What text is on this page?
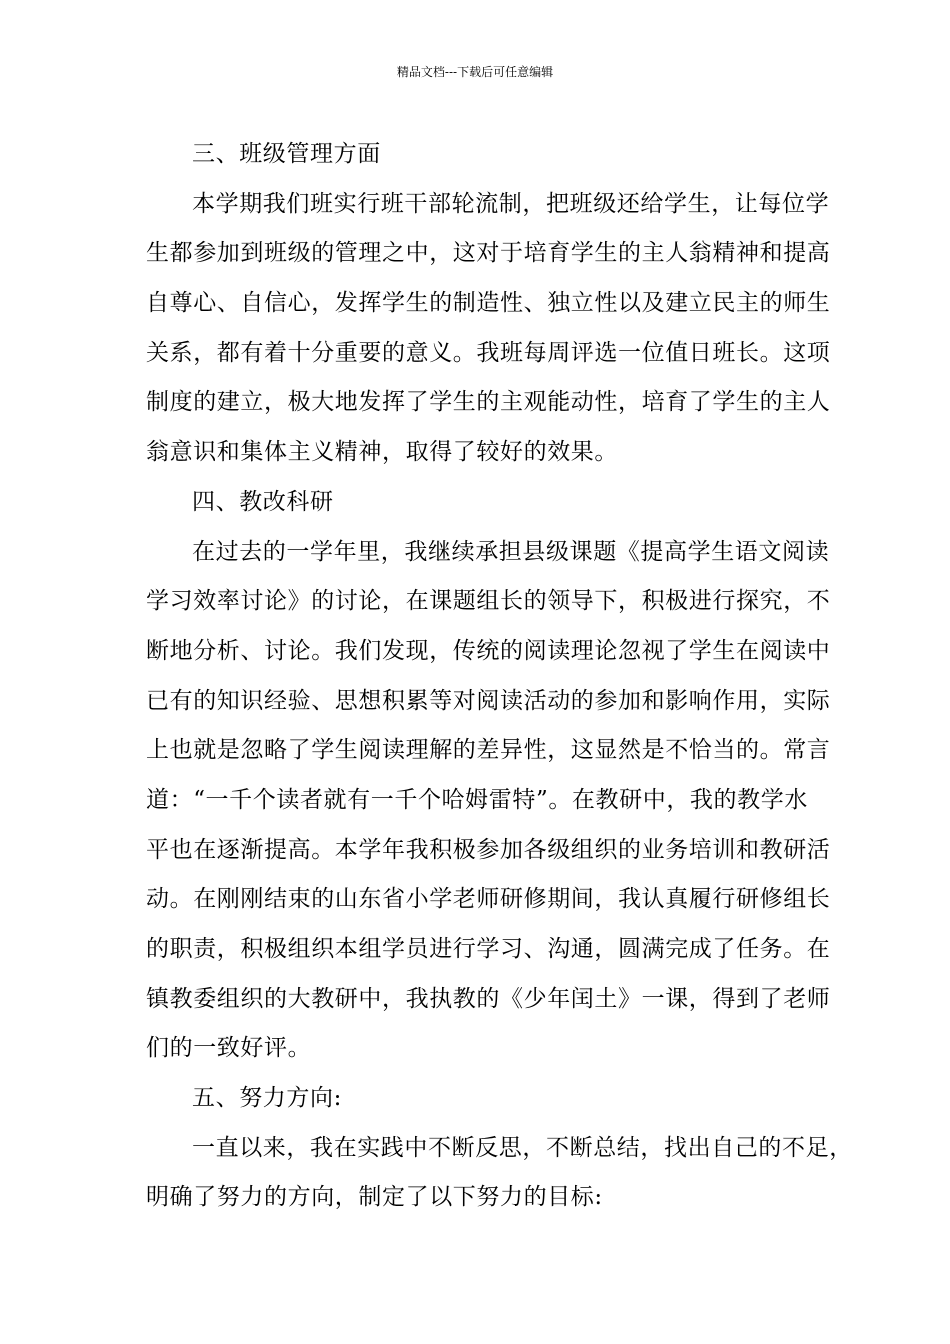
精品文档---下载后可任意编辑
三、班级管理方面
本学期我们班实行班干部轮流制，把班级还给学生，让每位学
生都参加到班级的管理之中，这对于培育学生的主人翁精神和提高
自尊心、自信心，发挥学生的制造性、独立性以及建立民主的师生
关系，都有着十分重要的意义。我班每周评选一位值日班长。这项
制度的建立，极大地发挥了学生的主观能动性，培育了学生的主人
翁意识和集体主义精神，取得了较好的效果。
四、教改科研
在过去的一学年里，我继续承担县级课题《提高学生语文阅读
学习效率讨论》的讨论，在课题组长的领导下，积极进行探究，不
断地分析、讨论。我们发现，传统的阅读理论忽视了学生在阅读中
已有的知识经验、思想积累等对阅读活动的参加和影响作用，实际
上也就是忽略了学生阅读理解的差异性，这显然是不恰当的。常言
道：“一千个读者就有一千个哈姆雷特”。在教研中，我的教学水
平也在逐渐提高。本学年我积极参加各级组织的业务培训和教研活
动。在刚刚结束的山东省小学老师研修期间，我认真履行研修组长
的职责，积极组织本组学员进行学习、沟通，圆满完成了任务。在
镇教委组织的大教研中，我执教的《少年闰土》一课，得到了老师
们的一致好评。
五、努力方向:
一直以来，我在实践中不断反思，不断总结，找出自己的不足，
明确了努力的方向，制定了以下努力的目标:
